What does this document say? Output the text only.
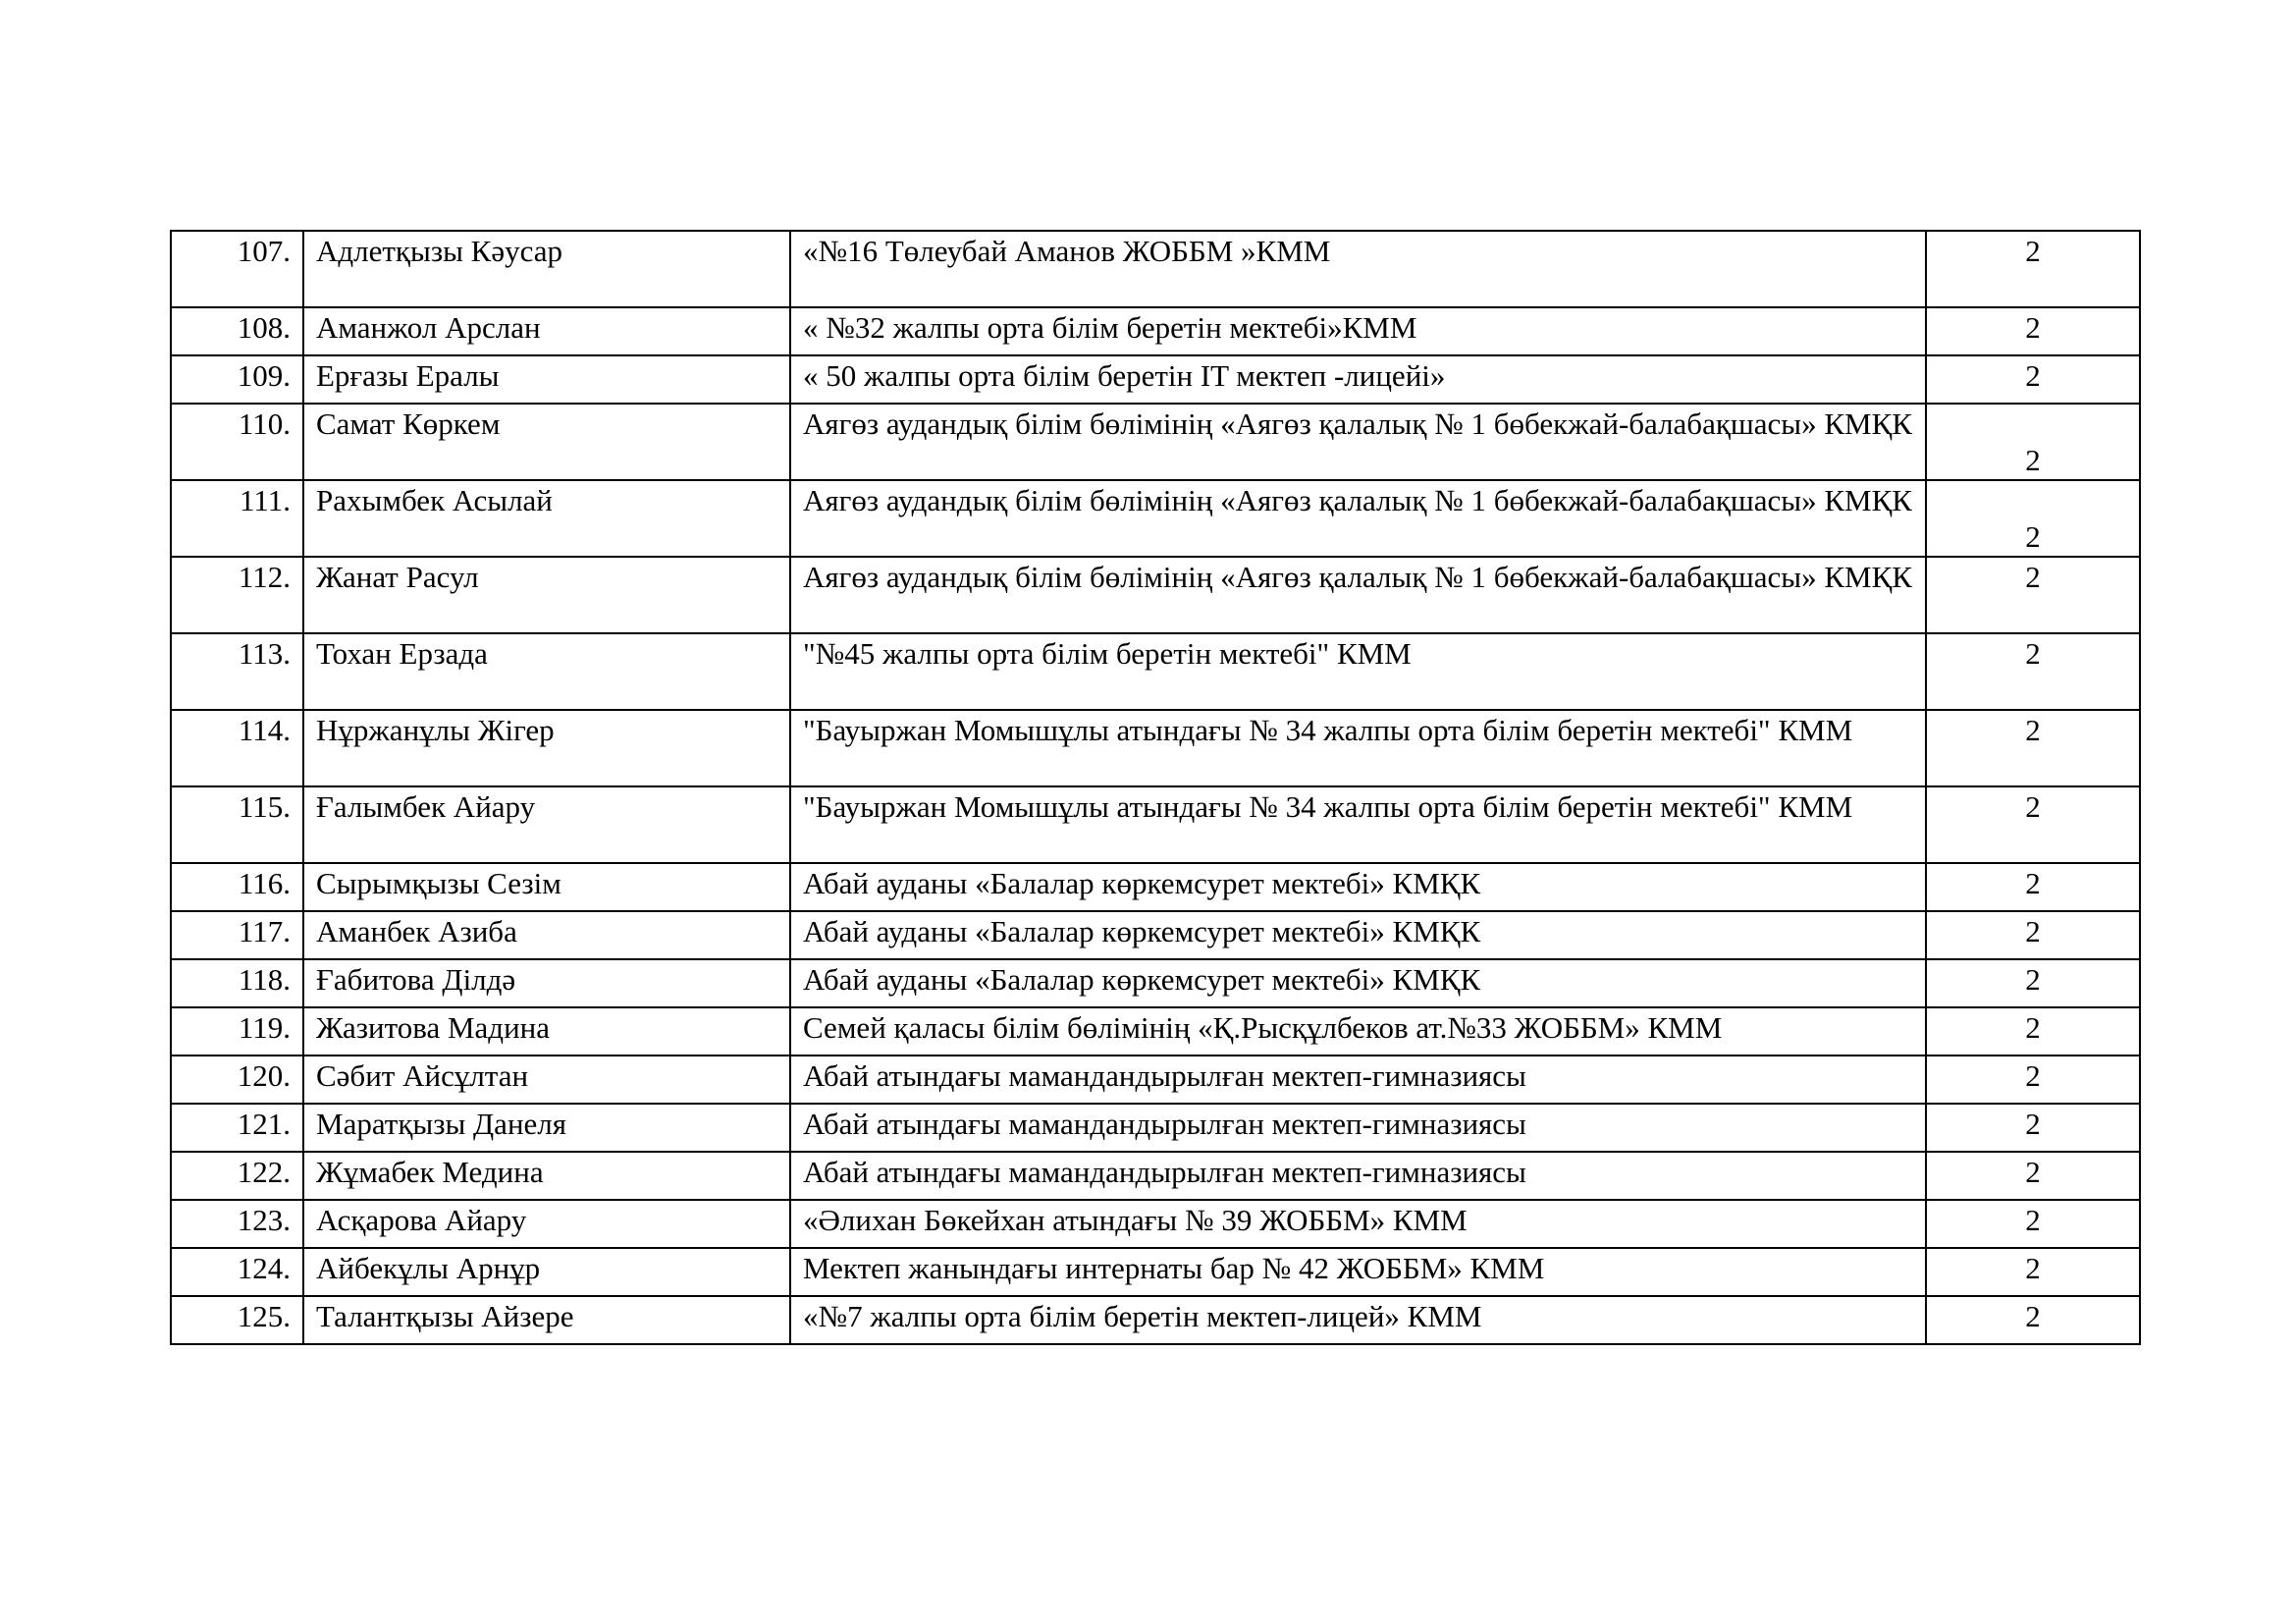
107.	Адлетқызы Кәусар	«№16 Төлеубай Аманов ЖОББМ »КММ	2
108.	Аманжол Арслан	« №32 жалпы орта білім беретін мектебі»КММ	2
109.	Ерғазы Ералы	« 50 жалпы орта білім беретін IT мектеп -лицейі»	2
110.	Самат Көркем	Аягөз аудандық білім бөлімінің «Аягөз қалалық № 1 бөбекжай-балабақшасы» КМҚК	2
111.	Рахымбек Асылай	Аягөз аудандық білім бөлімінің «Аягөз қалалық № 1 бөбекжай-балабақшасы» КМҚК	2
112.	Жанат Расул	Аягөз аудандық білім бөлімінің «Аягөз қалалық № 1 бөбекжай-балабақшасы» КМҚК	2
113.	Тохан Ерзада	"№45 жалпы орта білім беретін мектебі" КММ	2
114.	Нұржанұлы Жігер	"Бауыржан Момышұлы атындағы № 34 жалпы орта білім беретін мектебі" КММ	2
115.	Ғалымбек Айару	"Бауыржан Момышұлы атындағы № 34 жалпы орта білім беретін мектебі" КММ	2
116.	Сырымқызы Сезім	Абай ауданы «Балалар көркемсурет мектебі» КМҚК	2
117.	Аманбек Азиба	Абай ауданы «Балалар көркемсурет мектебі» КМҚК	2
118.	Ғабитова Ділдә	Абай ауданы «Балалар көркемсурет мектебі» КМҚК	2
119.	Жазитова Мадина	Семей қаласы білім бөлімінің «Қ.Рысқұлбеков ат.№33 ЖОББМ» КММ	2
120.	Сәбит Айсұлтан	Абай атындағы мамандандырылған мектеп-гимназиясы	2
121.	Маратқызы Данеля	Абай атындағы мамандандырылған мектеп-гимназиясы	2
122.	Жұмабек Медина	Абай атындағы мамандандырылған мектеп-гимназиясы	2
123.	Асқарова Айару	«Әлихан Бөкейхан атындағы № 39 ЖОББМ» КММ	2
124.	Айбекұлы Арнұр	Мектеп жанындағы интернаты бар № 42 ЖОББМ» КММ	2
125.	Талантқызы Айзере	«№7 жалпы орта білім беретін мектеп-лицей» КММ	2
